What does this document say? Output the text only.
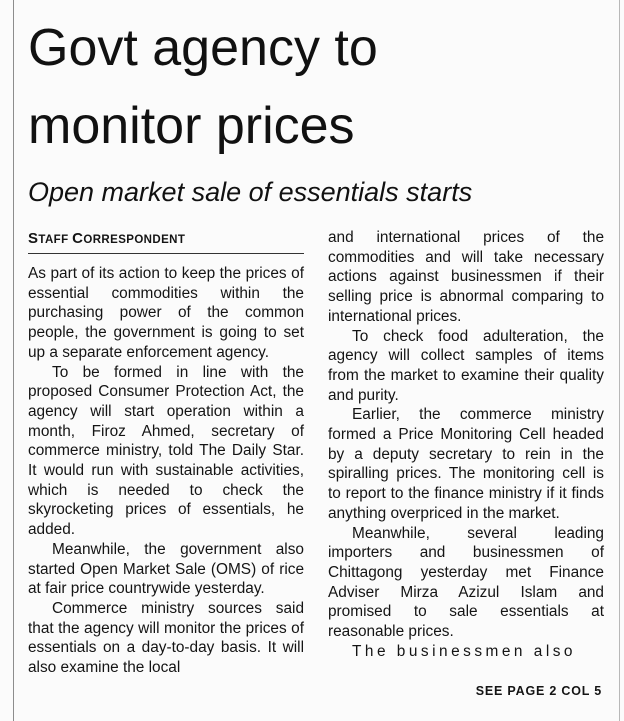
Govt agency to
monitor prices
Open market sale of essentials starts
STAFF CORRESPONDENT

As part of its action to keep the prices of essential commodities within the purchasing power of the common people, the government is going to set up a separate enforcement agency.

To be formed in line with the proposed Consumer Protection Act, the agency will start operation within a month, Firoz Ahmed, secretary of commerce ministry, told The Daily Star. It would run with sustainable activities, which is needed to check the skyrocketing prices of essentials, he added.

Meanwhile, the government also started Open Market Sale (OMS) of rice at fair price countrywide yesterday.

Commerce ministry sources said that the agency will monitor the prices of essentials on a day-to-day basis. It will also examine the local

and international prices of the commodities and will take necessary actions against businessmen if their selling price is abnormal comparing to international prices.

To check food adulteration, the agency will collect samples of items from the market to examine their quality and purity.

Earlier, the commerce ministry formed a Price Monitoring Cell headed by a deputy secretary to rein in the spiralling prices. The monitoring cell is to report to the finance ministry if it finds anything overpriced in the market.

Meanwhile, several leading importers and businessmen of Chittagong yesterday met Finance Adviser Mirza Azizul Islam and promised to sale essentials at reasonable prices.

The businessmen also

SEE PAGE 2 COL 5
